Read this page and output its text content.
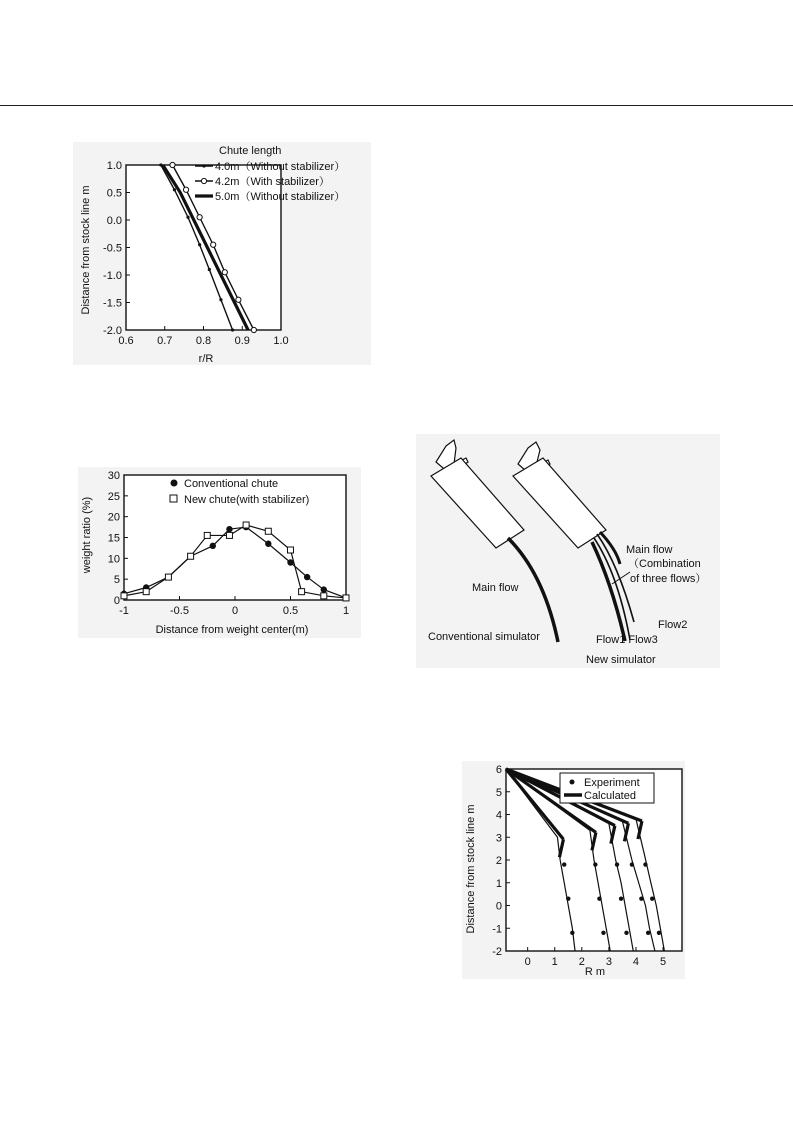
Distance from stock line m
r/R
Chute length
0.6 0.7 0.8 0.9 1.0
1.0
0.5
0.0
-0.5
-1.0
-1.5
-2.0
4.0m（Without stabilizer）
4.2m（With stabilizer）
5.0m（Without stabilizer）
weight ratio (%)
Distance from weight center(m)
-1	-0.5	0	0.5	1
0
5
10
15
20
25
30
Conventional chute
New chute(with stabilizer)
Main flow
Conventional simulator
Main flow
（Combination
of three flows）
Flow2
Flow1 Flow3
New simulator
Distance from stock line m
R m
0 1 2 3 4 5
6
5
4
3
2
1
0
-1
-2
Experiment
Calculated
